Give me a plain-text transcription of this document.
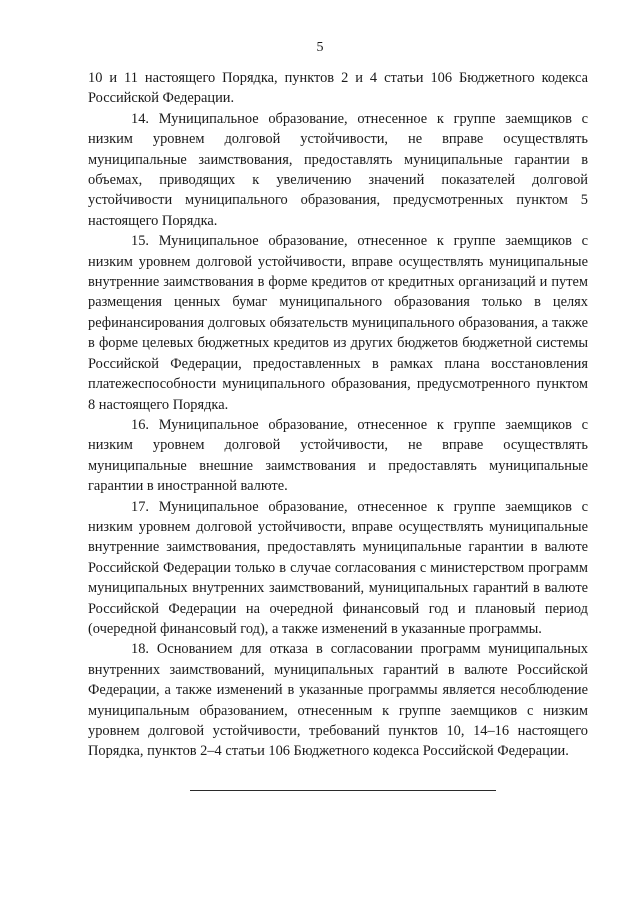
5

10 и 11 настоящего Порядка, пунктов 2 и 4 статьи 106 Бюджетного кодекса Российской Федерации.

14. Муниципальное образование, отнесенное к группе заемщиков с низким уровнем долговой устойчивости, не вправе осуществлять муниципальные заимствования, предоставлять муниципальные гарантии в объемах, приводящих к увеличению значений показателей долговой устойчивости муниципального образования, предусмотренных пунктом 5 настоящего Порядка.

15. Муниципальное образование, отнесенное к группе заемщиков с низким уровнем долговой устойчивости, вправе осуществлять муниципальные внутренние заимствования в форме кредитов от кредитных организаций и путем размещения ценных бумаг муниципального образования только в целях рефинансирования долговых обязательств муниципального образования, а также в форме целевых бюджетных кредитов из других бюджетов бюджетной системы Российской Федерации, предоставленных в рамках плана восстановления платежеспособности муниципального образования, предусмотренного пунктом 8 настоящего Порядка.

16. Муниципальное образование, отнесенное к группе заемщиков с низким уровнем долговой устойчивости, не вправе осуществлять муниципальные внешние заимствования и предоставлять муниципальные гарантии в иностранной валюте.

17. Муниципальное образование, отнесенное к группе заемщиков с низким уровнем долговой устойчивости, вправе осуществлять муниципальные внутренние заимствования, предоставлять муниципальные гарантии в валюте Российской Федерации только в случае согласования с министерством программ муниципальных внутренних заимствований, муниципальных гарантий в валюте Российской Федерации на очередной финансовый год и плановый период (очередной финансовый год), а также изменений в указанные программы.

18. Основанием для отказа в согласовании программ муниципальных внутренних заимствований, муниципальных гарантий в валюте Российской Федерации, а также изменений в указанные программы является несоблюдение муниципальным образованием, отнесенным к группе заемщиков с низким уровнем долговой устойчивости, требований пунктов 10, 14–16 настоящего Порядка, пунктов 2–4 статьи 106 Бюджетного кодекса Российской Федерации.
